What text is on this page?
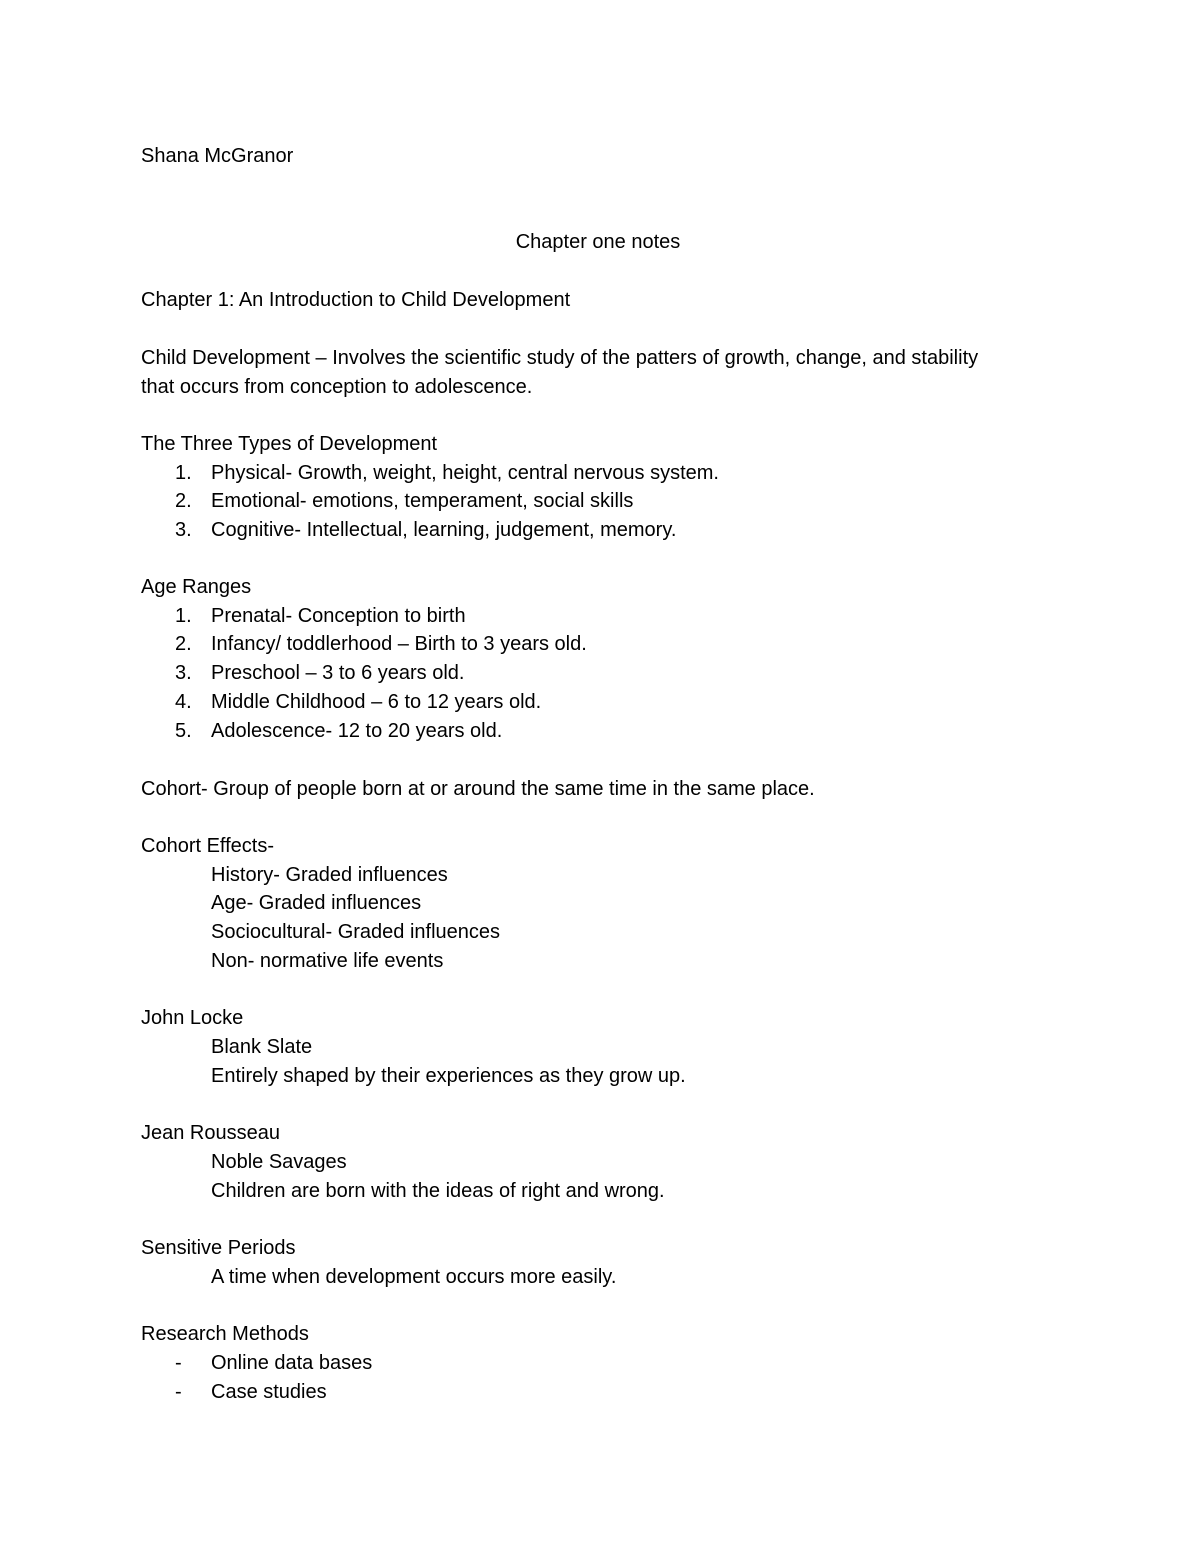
Shana McGranor
Chapter one notes
Chapter 1: An Introduction to Child Development
Child Development – Involves the scientific study of the patters of growth, change, and stability
that occurs from conception to adolescence.
The Three Types of Development
1. Physical- Growth, weight, height, central nervous system.
2. Emotional- emotions, temperament, social skills
3. Cognitive- Intellectual, learning, judgement, memory.
Age Ranges
1. Prenatal- Conception to birth
2. Infancy/ toddlerhood – Birth to 3 years old.
3. Preschool – 3 to 6 years old.
4. Middle Childhood – 6 to 12 years old.
5. Adolescence- 12 to 20 years old.
Cohort- Group of people born at or around the same time in the same place.
Cohort Effects-
History- Graded influences
Age- Graded influences
Sociocultural- Graded influences
Non- normative life events
John Locke
Blank Slate
Entirely shaped by their experiences as they grow up.
Jean Rousseau
Noble Savages
Children are born with the ideas of right and wrong.
Sensitive Periods
A time when development occurs more easily.
Research Methods
-	Online data bases
-	Case studies
